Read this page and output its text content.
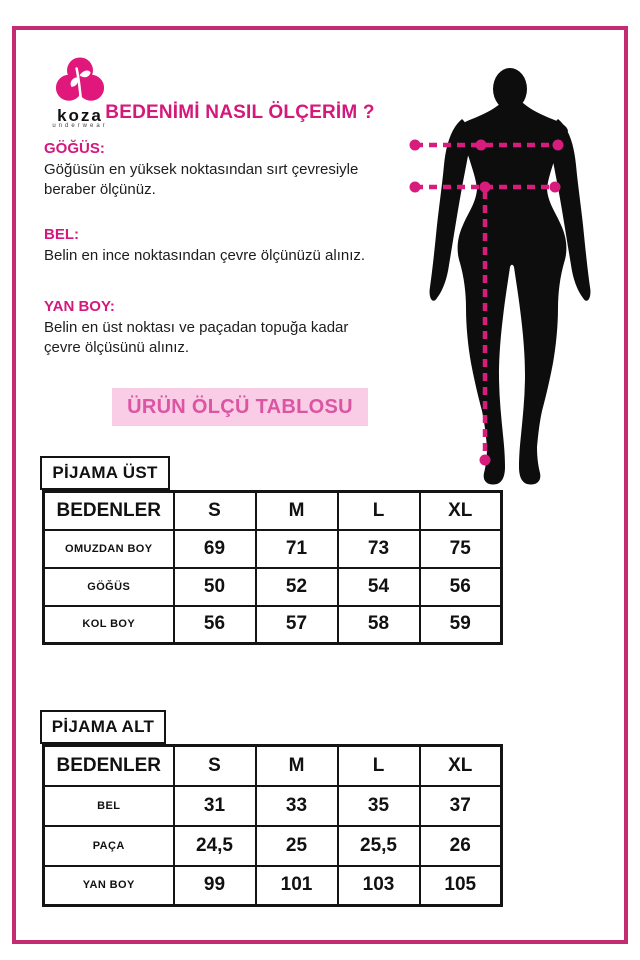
koza
underwear
BEDENİMİ NASIL ÖLÇERİM ?
GÖĞÜS:

Göğüsün en yüksek noktasından sırt çevresiyle beraber ölçünüz.

BEL:

Belin en ince noktasından çevre ölçünüzü alınız.

YAN BOY:

Belin en üst noktası ve paçadan topuğa kadar çevre ölçüsünü alınız.

ÜRÜN ÖLÇÜ TABLOSU
PİJAMA ÜST
PİJAMA ALT
BEDENLER	S	M	L	XL
OMUZDAN BOY	69	71	73	75
GÖĞÜS	50	52	54	56
KOL BOY	56	57	58	59
BEDENLER	S	M	L	XL
BEL	31	33	35	37
PAÇA	24,5	25	25,5	26
YAN BOY	99	101	103	105
